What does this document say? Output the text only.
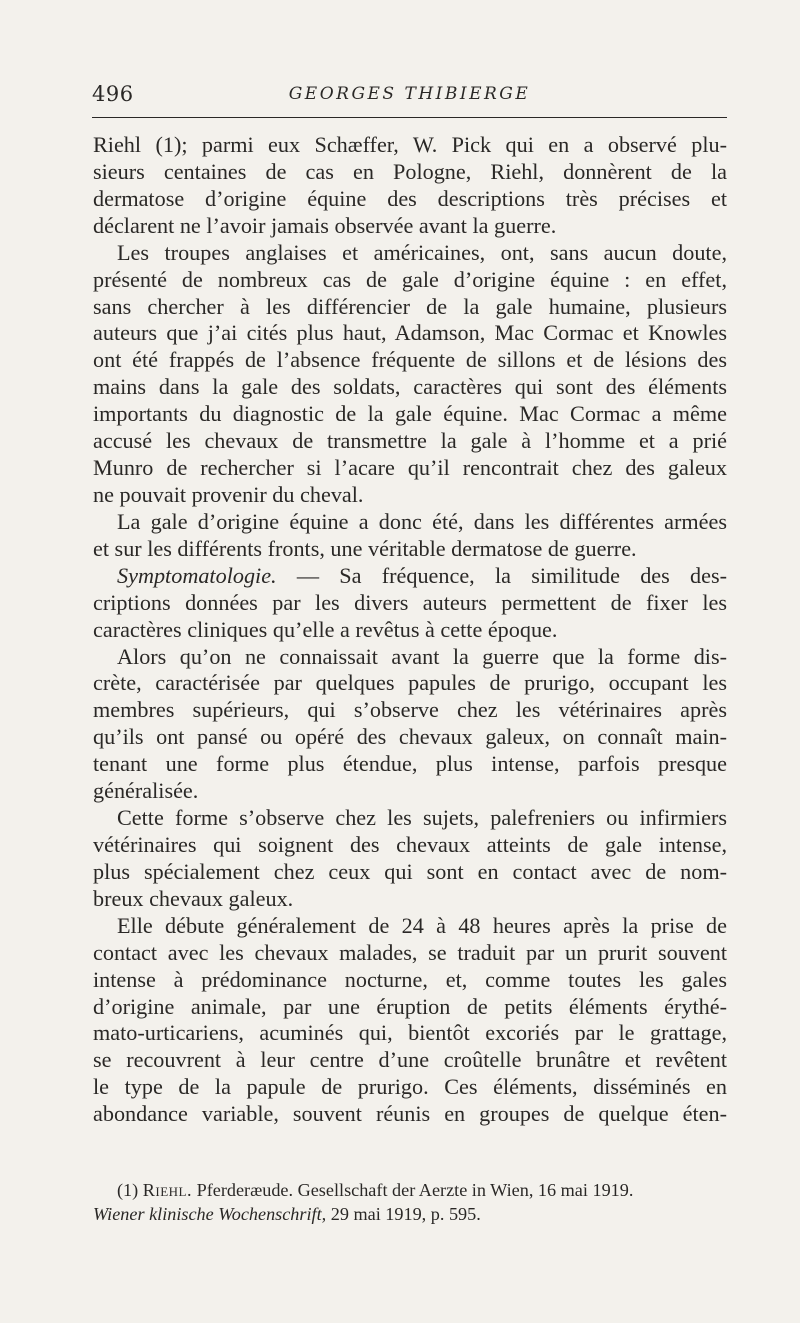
496	GEORGES THIBIERGE
Riehl (1); parmi eux Schæffer, W. Pick qui en a observé plu-
sieurs centaines de cas en Pologne, Riehl, donnèrent de la
dermatose d’origine équine des descriptions très précises et
déclarent ne l’avoir jamais observée avant la guerre.
Les troupes anglaises et américaines, ont, sans aucun doute,
présenté de nombreux cas de gale d’origine équine : en effet,
sans chercher à les différencier de la gale humaine, plusieurs
auteurs que j’ai cités plus haut, Adamson, Mac Cormac et Knowles
ont été frappés de l’absence fréquente de sillons et de lésions des
mains dans la gale des soldats, caractères qui sont des éléments
importants du diagnostic de la gale équine. Mac Cormac a même
accusé les chevaux de transmettre la gale à l’homme et a prié
Munro de rechercher si l’acare qu’il rencontrait chez des galeux
ne pouvait provenir du cheval.
La gale d’origine équine a donc été, dans les différentes armées
et sur les différents fronts, une véritable dermatose de guerre.
Symptomatologie. — Sa fréquence, la similitude des des-
criptions données par les divers auteurs permettent de fixer les
caractères cliniques qu’elle a revêtus à cette époque.
Alors qu’on ne connaissait avant la guerre que la forme dis-
crète, caractérisée par quelques papules de prurigo, occupant les
membres supérieurs, qui s’observe chez les vétérinaires après
qu’ils ont pansé ou opéré des chevaux galeux, on connaît main-
tenant une forme plus étendue, plus intense, parfois presque
généralisée.
Cette forme s’observe chez les sujets, palefreniers ou infirmiers
vétérinaires qui soignent des chevaux atteints de gale intense,
plus spécialement chez ceux qui sont en contact avec de nom-
breux chevaux galeux.
Elle débute généralement de 24 à 48 heures après la prise de
contact avec les chevaux malades, se traduit par un prurit souvent
intense à prédominance nocturne, et, comme toutes les gales
d’origine animale, par une éruption de petits éléments érythé-
mato-urticariens, acuminés qui, bientôt excoriés par le grattage,
se recouvrent à leur centre d’une croûtelle brunâtre et revêtent
le type de la papule de prurigo. Ces éléments, disséminés en
abondance variable, souvent réunis en groupes de quelque éten-
(1) Riehl. Pferderæude. Gesellschaft der Aerzte in Wien, 16 mai 1919.
Wiener klinische Wochenschrift, 29 mai 1919, p. 595.
